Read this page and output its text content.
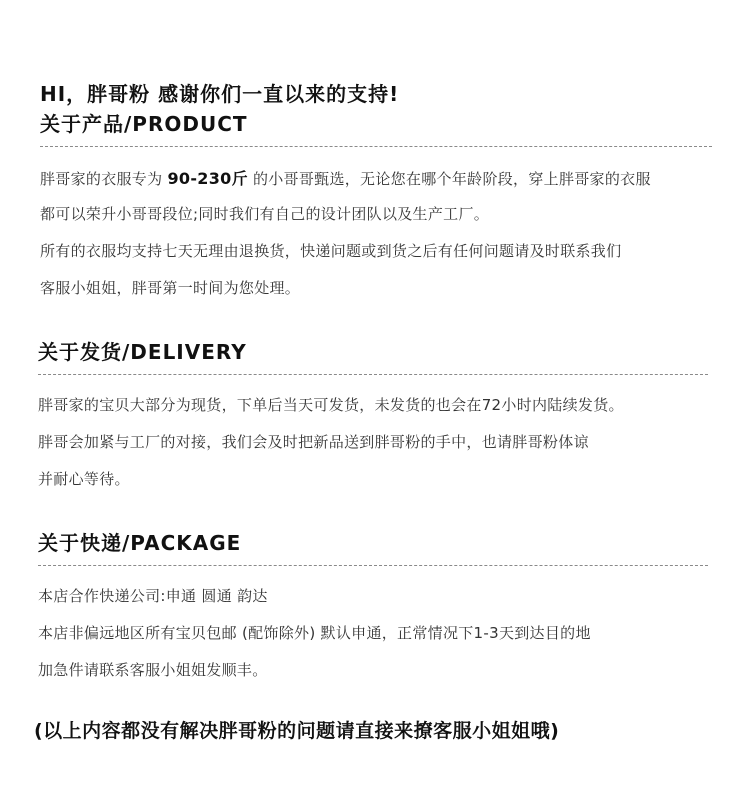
HI，胖哥粉 感谢你们一直以来的支持!
关于产品/PRODUCT
胖哥家的衣服专为 90-230斤 的小哥哥甄选，无论您在哪个年龄阶段，穿上胖哥家的衣服
都可以荣升小哥哥段位;同时我们有自己的设计团队以及生产工厂。
所有的衣服均支持七天无理由退换货，快递问题或到货之后有任何问题请及时联系我们
客服小姐姐，胖哥第一时间为您处理。
关于发货/DELIVERY
胖哥家的宝贝大部分为现货，下单后当天可发货，未发货的也会在72小时内陆续发货。
胖哥会加紧与工厂的对接，我们会及时把新品送到胖哥粉的手中，也请胖哥粉体谅
并耐心等待。
关于快递/PACKAGE
本店合作快递公司:申通 圆通 韵达
本店非偏远地区所有宝贝包邮 (配饰除外) 默认申通，正常情况下1-3天到达目的地
加急件请联系客服小姐姐发顺丰。
(以上内容都没有解决胖哥粉的问题请直接来撩客服小姐姐哦)
